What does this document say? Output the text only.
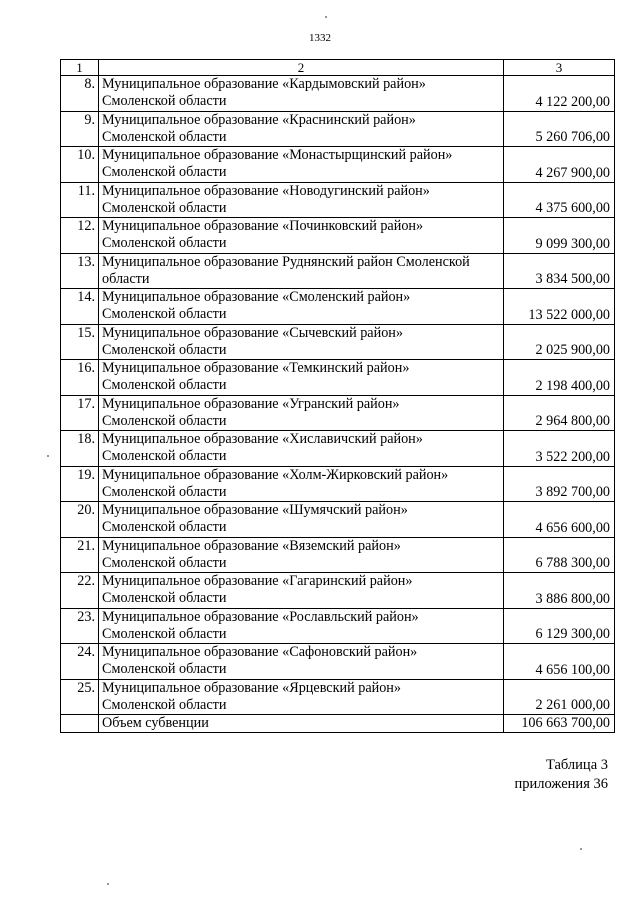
1332
1	2	3
8.	Муниципальное образование «Кардымовский район»
Смоленской области	4 122 200,00
9.	Муниципальное образование «Краснинский район»
Смоленской области	5 260 706,00
10.	Муниципальное образование «Монастырщинский район»
Смоленской области	4 267 900,00
11.	Муниципальное образование «Новодугинский район»
Смоленской области	4 375 600,00
12.	Муниципальное образование «Починковский район»
Смоленской области	9 099 300,00
13.	Муниципальное образование Руднянский район Смоленской
области	3 834 500,00
14.	Муниципальное образование «Смоленский район»
Смоленской области	13 522 000,00
15.	Муниципальное образование «Сычевский район»
Смоленской области	2 025 900,00
16.	Муниципальное образование «Темкинский район»
Смоленской области	2 198 400,00
17.	Муниципальное образование «Угранский район»
Смоленской области	2 964 800,00
18.	Муниципальное образование «Хиславичский район»
Смоленской области	3 522 200,00
19.	Муниципальное образование «Холм-Жирковский район»
Смоленской области	3 892 700,00
20.	Муниципальное образование «Шумячский район»
Смоленской области	4 656 600,00
21.	Муниципальное образование «Вяземский район»
Смоленской области	6 788 300,00
22.	Муниципальное образование «Гагаринский район»
Смоленской области	3 886 800,00
23.	Муниципальное образование «Рославльский район»
Смоленской области	6 129 300,00
24.	Муниципальное образование «Сафоновский район»
Смоленской области	4 656 100,00
25.	Муниципальное образование «Ярцевский район»
Смоленской области	2 261 000,00
	Объем субвенции	106 663 700,00
Таблица 3
приложения 36
